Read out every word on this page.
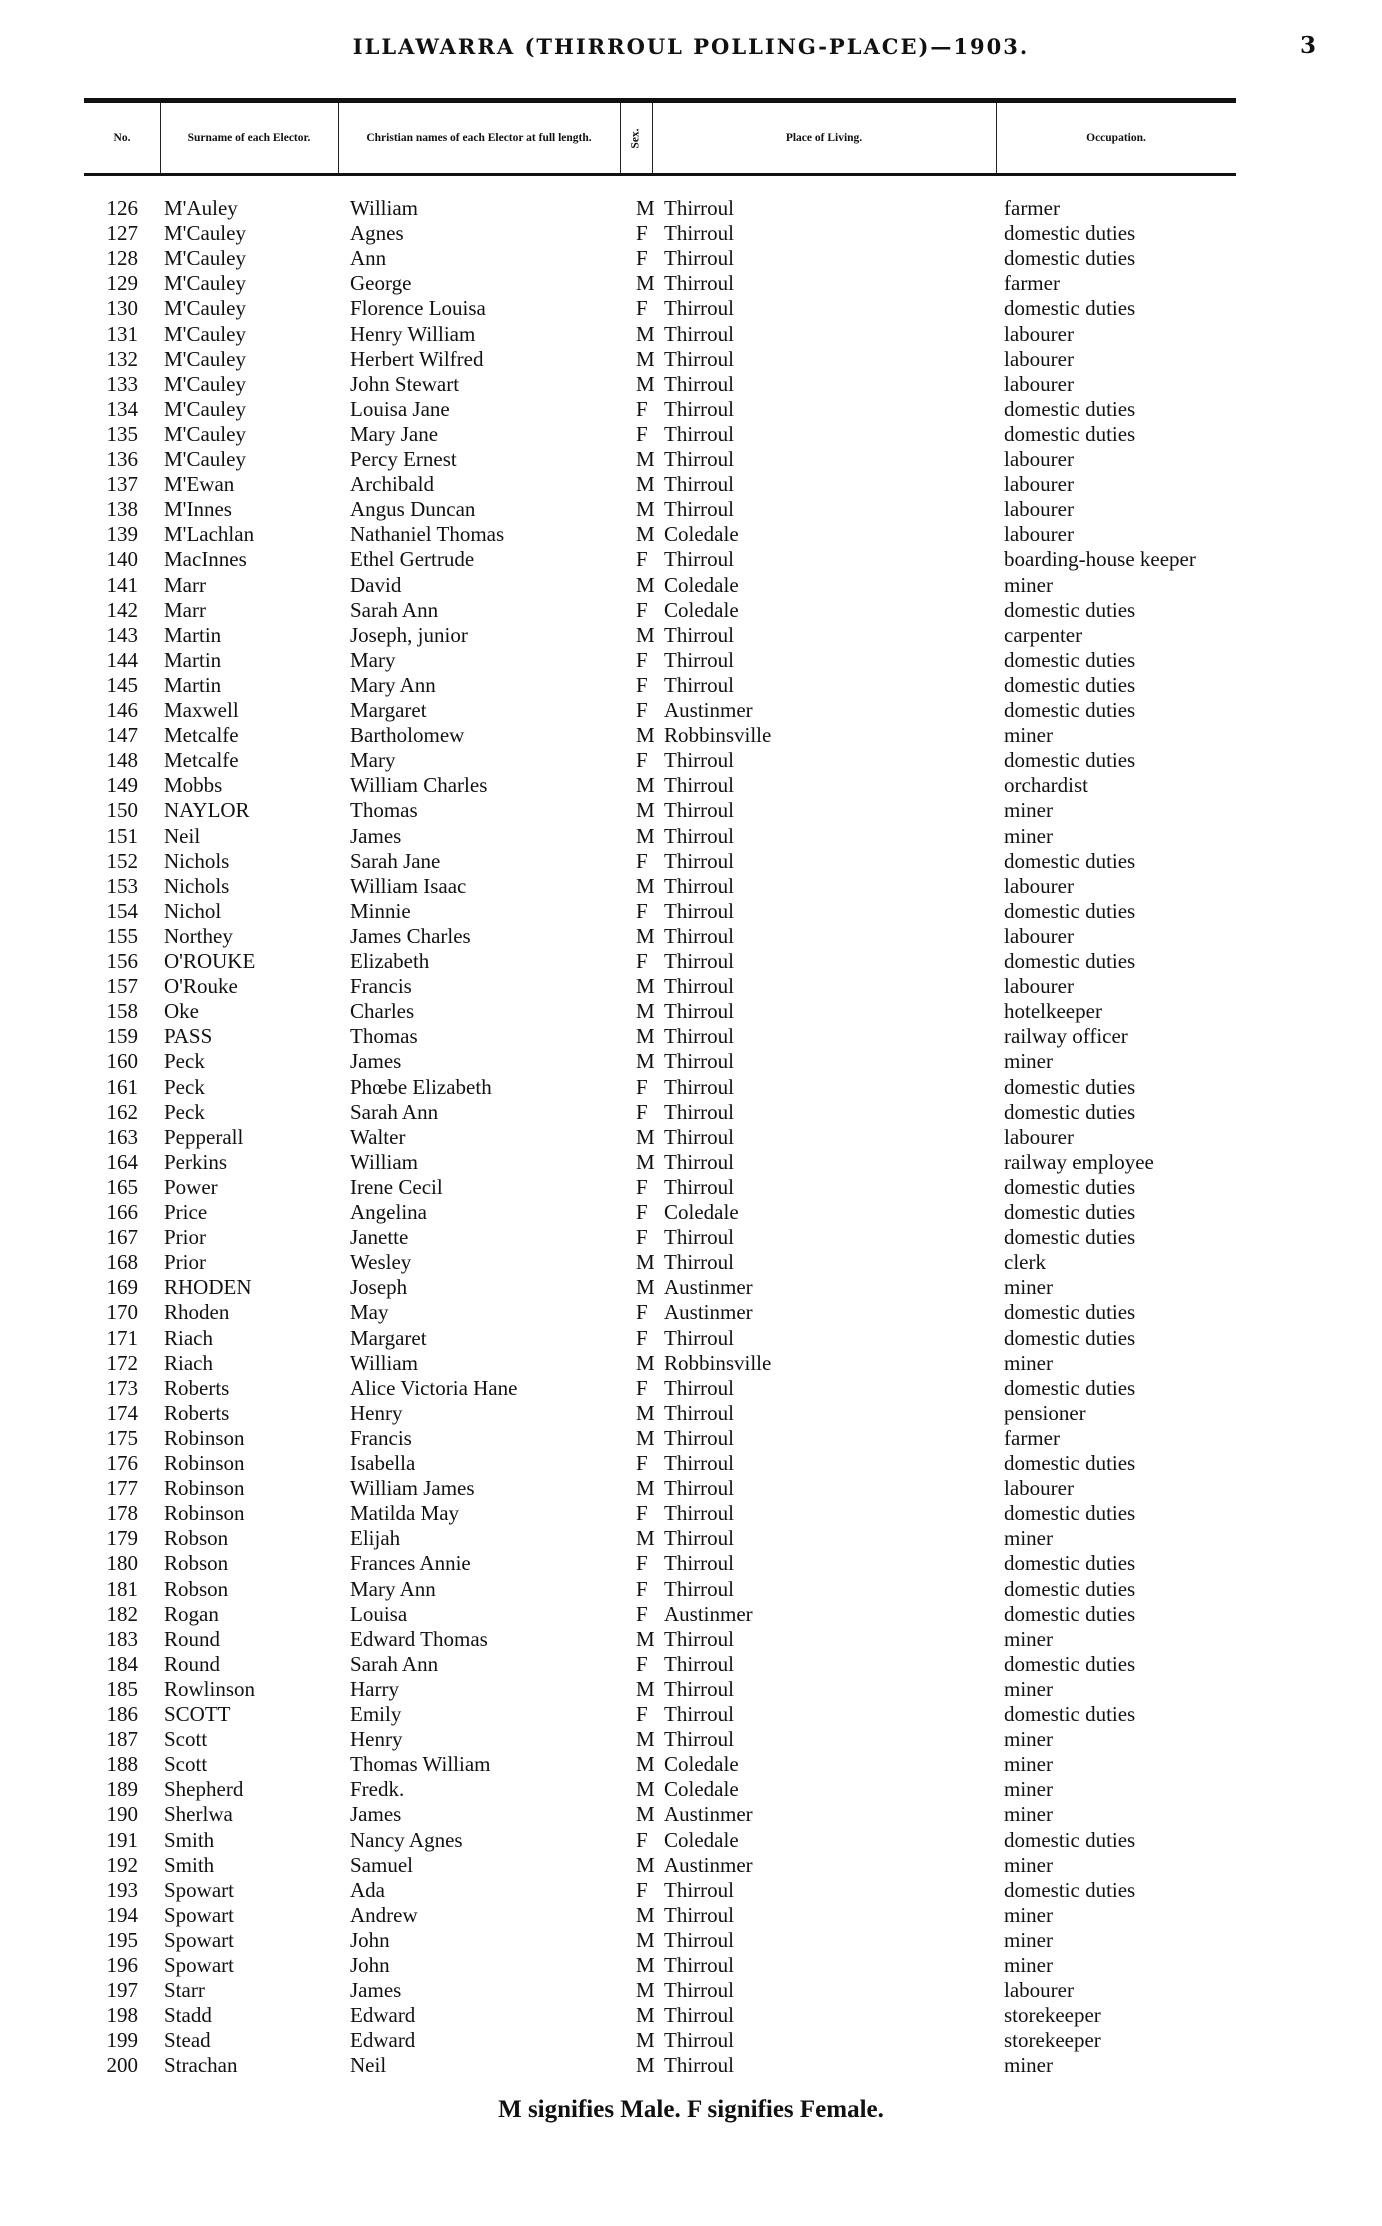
ILLAWARRA (THIRROUL POLLING-PLACE)—1903.	3
No.	Surname of each Elector.	Christian names of each Elector at full length.	Sex.	Place of Living.	Occupation.
126 M'Auley	William	M Thirroul	farmer
127 M'Cauley	Agnes	F Thirroul	domestic duties
128 M'Cauley	Ann	F Thirroul	domestic duties
129 M'Cauley	George	M Thirroul	farmer
130 M'Cauley	Florence Louisa	F Thirroul	domestic duties
131 M'Cauley	Henry William	M Thirroul	labourer
132 M'Cauley	Herbert Wilfred	M Thirroul	labourer
133 M'Cauley	John Stewart	M Thirroul	labourer
134 M'Cauley	Louisa Jane	F Thirroul	domestic duties
135 M'Cauley	Mary Jane	F Thirroul	domestic duties
136 M'Cauley	Percy Ernest	M Thirroul	labourer
137 M'Ewan	Archibald	M Thirroul	labourer
138 M'Innes	Angus Duncan	M Thirroul	labourer
139 M'Lachlan	Nathaniel Thomas	M Coledale	labourer
140 MacInnes	Ethel Gertrude	F Thirroul	boarding-house keeper
141 Marr	David	M Coledale	miner
142 Marr	Sarah Ann	F Coledale	domestic duties
143 Martin	Joseph, junior	M Thirroul	carpenter
144 Martin	Mary	F Thirroul	domestic duties
145 Martin	Mary Ann	F Thirroul	domestic duties
146 Maxwell	Margaret	F Austinmer	domestic duties
147 Metcalfe	Bartholomew	M Robbinsville	miner
148 Metcalfe	Mary	F Thirroul	domestic duties
149 Mobbs	William Charles	M Thirroul	orchardist
150 NAYLOR	Thomas	M Thirroul	miner
151 Neil	James	M Thirroul	miner
152 Nichols	Sarah Jane	F Thirroul	domestic duties
153 Nichols	William Isaac	M Thirroul	labourer
154 Nichol	Minnie	F Thirroul	domestic duties
155 Northey	James Charles	M Thirroul	labourer
156 O'ROUKE	Elizabeth	F Thirroul	domestic duties
157 O'Rouke	Francis	M Thirroul	labourer
158 Oke	Charles	M Thirroul	hotelkeeper
159 PASS	Thomas	M Thirroul	railway officer
160 Peck	James	M Thirroul	miner
161 Peck	Phœbe Elizabeth	F Thirroul	domestic duties
162 Peck	Sarah Ann	F Thirroul	domestic duties
163 Pepperall	Walter	M Thirroul	labourer
164 Perkins	William	M Thirroul	railway employee
165 Power	Irene Cecil	F Thirroul	domestic duties
166 Price	Angelina	F Coledale	domestic duties
167 Prior	Janette	F Thirroul	domestic duties
168 Prior	Wesley	M Thirroul	clerk
169 RHODEN	Joseph	M Austinmer	miner
170 Rhoden	May	F Austinmer	domestic duties
171 Riach	Margaret	F Thirroul	domestic duties
172 Riach	William	M Robbinsville	miner
173 Roberts	Alice Victoria Hane	F Thirroul	domestic duties
174 Roberts	Henry	M Thirroul	pensioner
175 Robinson	Francis	M Thirroul	farmer
176 Robinson	Isabella	F Thirroul	domestic duties
177 Robinson	William James	M Thirroul	labourer
178 Robinson	Matilda May	F Thirroul	domestic duties
179 Robson	Elijah	M Thirroul	miner
180 Robson	Frances Annie	F Thirroul	domestic duties
181 Robson	Mary Ann	F Thirroul	domestic duties
182 Rogan	Louisa	F Austinmer	domestic duties
183 Round	Edward Thomas	M Thirroul	miner
184 Round	Sarah Ann	F Thirroul	domestic duties
185 Rowlinson	Harry	M Thirroul	miner
186 SCOTT	Emily	F Thirroul	domestic duties
187 Scott	Henry	M Thirroul	miner
188 Scott	Thomas William	M Coledale	miner
189 Shepherd	Fredk.	M Coledale	miner
190 Sherlwa	James	M Austinmer	miner
191 Smith	Nancy Agnes	F Coledale	domestic duties
192 Smith	Samuel	M Austinmer	miner
193 Spowart	Ada	F Thirroul	domestic duties
194 Spowart	Andrew	M Thirroul	miner
195 Spowart	John	M Thirroul	miner
196 Spowart	John	M Thirroul	miner
197 Starr	James	M Thirroul	labourer
198 Stadd	Edward	M Thirroul	storekeeper
199 Stead	Edward	M Thirroul	storekeeper
200 Strachan	Neil	M Thirroul	miner
M signifies Male. F signifies Female.
